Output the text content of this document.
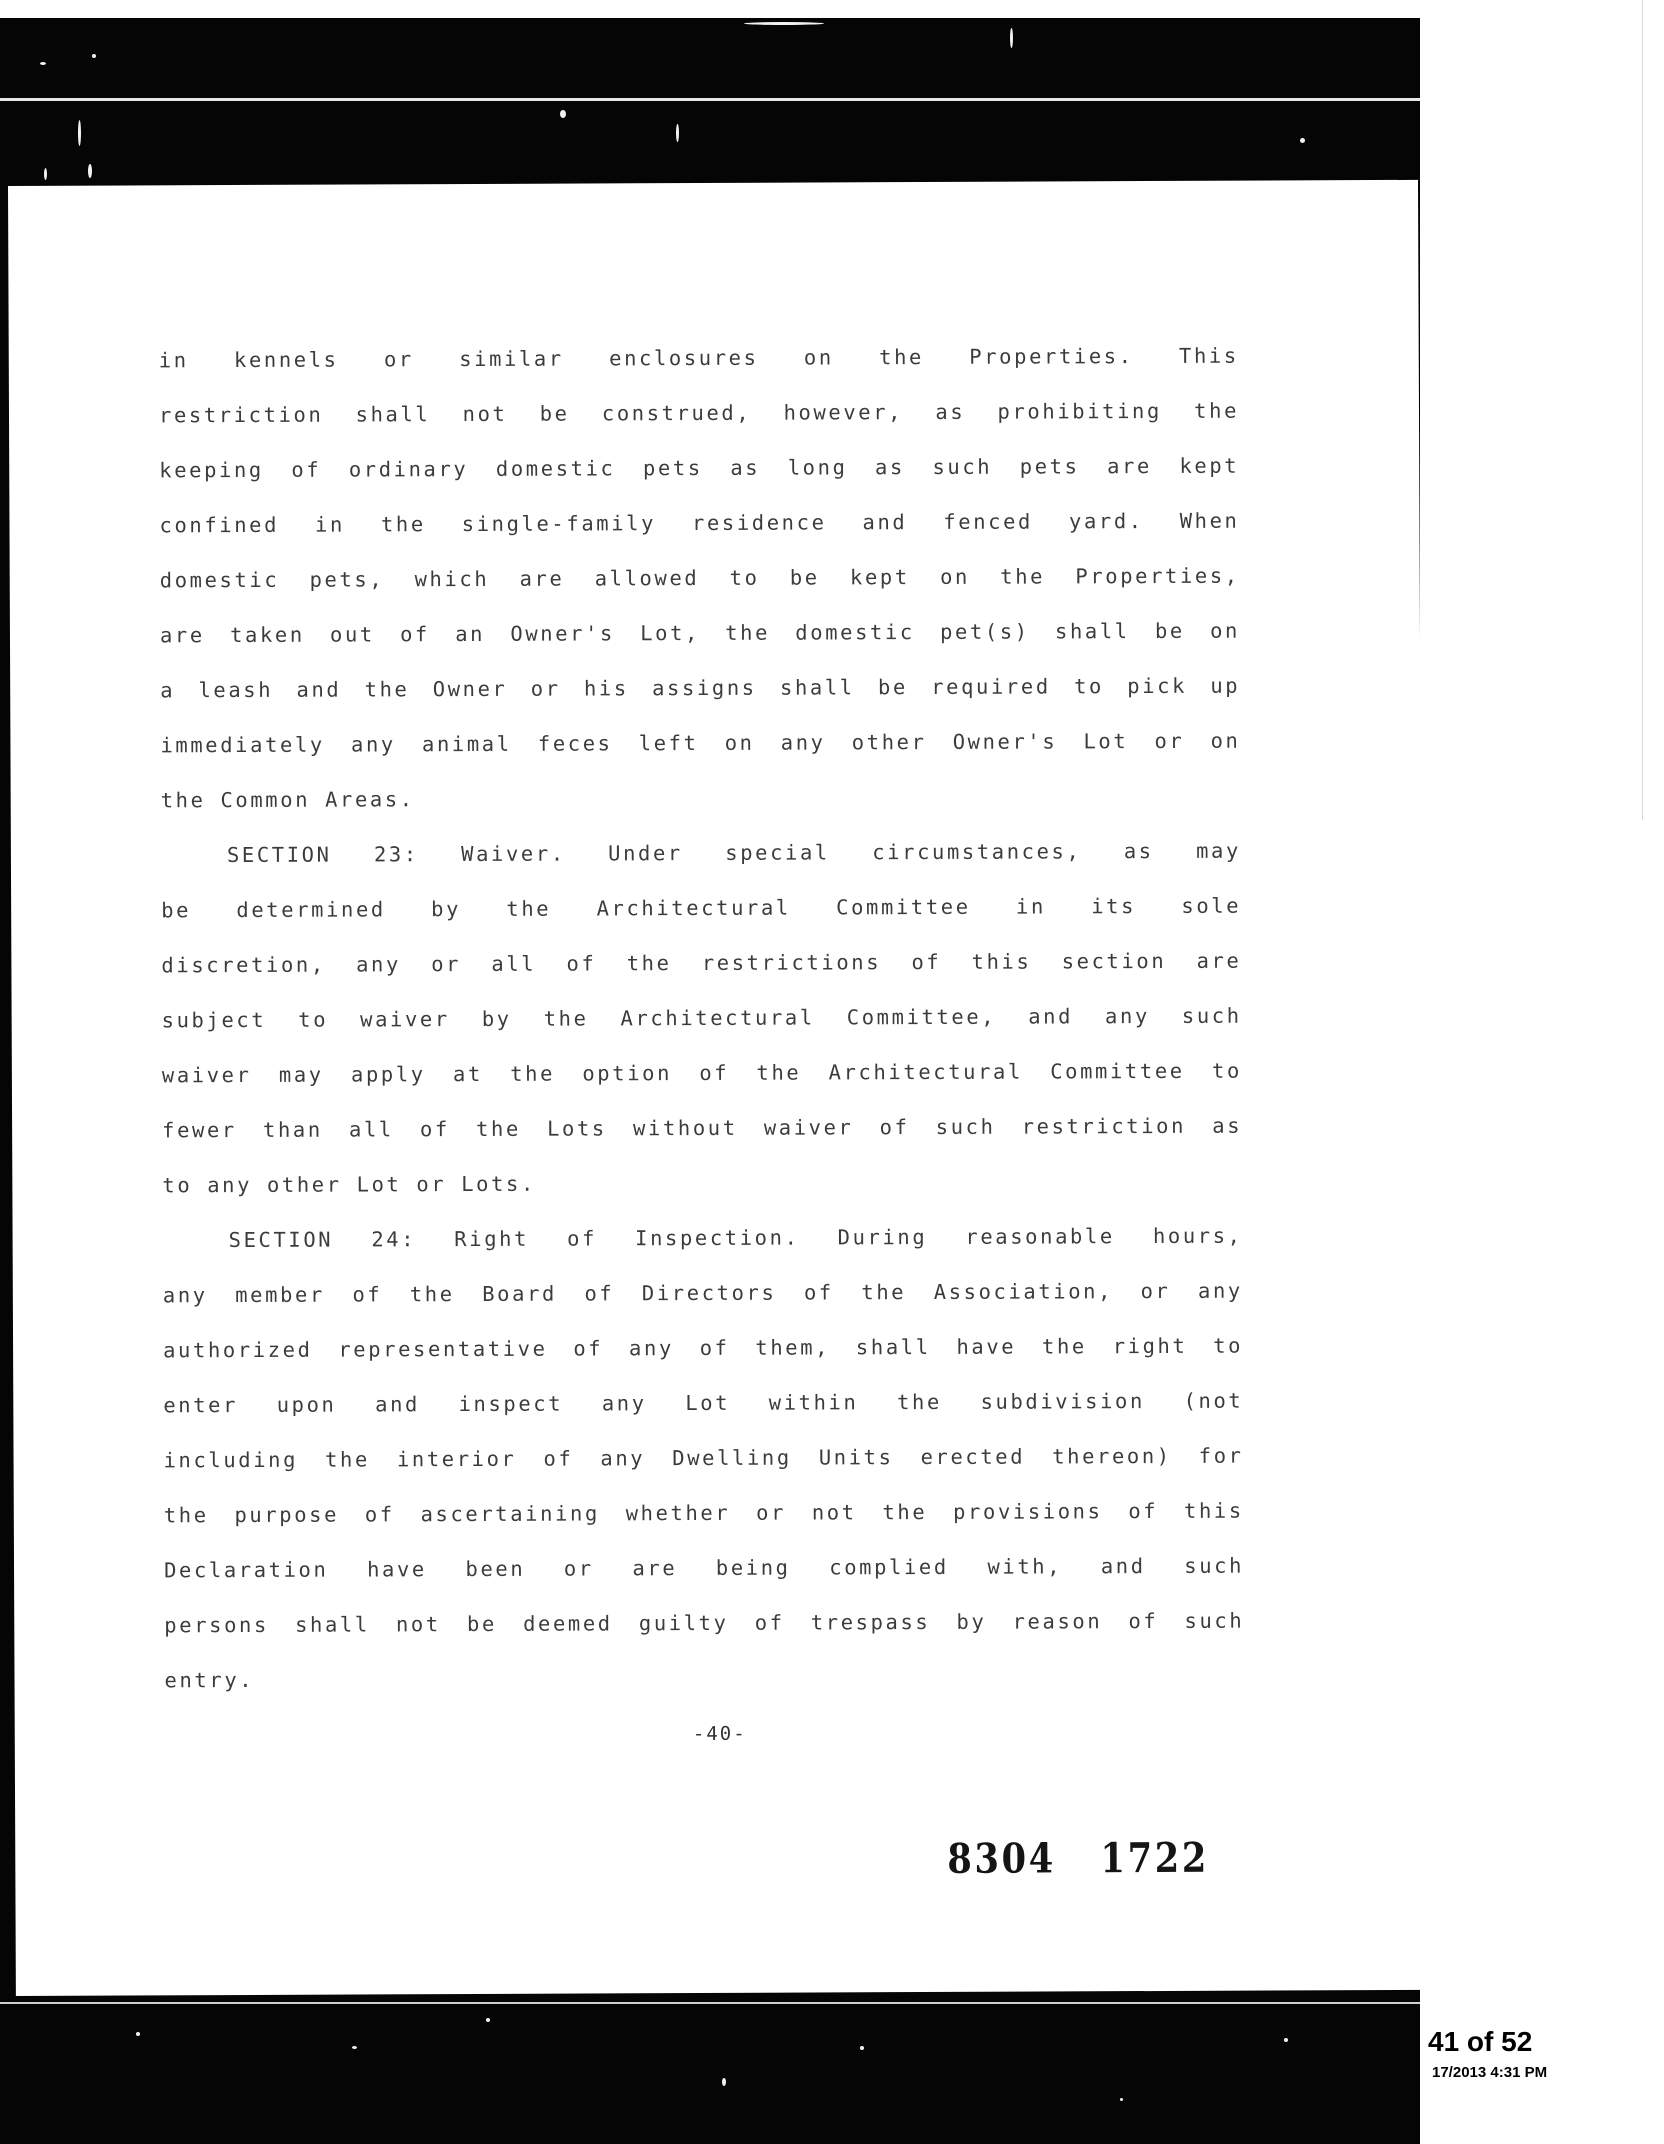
in kennels or similar enclosures on the Properties. This
restriction shall not be construed, however, as prohibiting the
keeping of ordinary domestic pets as long as such pets are kept
confined in the single-family residence and fenced yard. When
domestic pets, which are allowed to be kept on the Properties,
are taken out of an Owner's Lot, the domestic pet(s) shall be on
a leash and the Owner or his assigns shall be required to pick up
immediately any animal feces left on any other Owner's Lot or on
the Common Areas.
SECTION 23: Waiver. Under special circumstances, as may
be determined by the Architectural Committee in its sole
discretion, any or all of the restrictions of this section are
subject to waiver by the Architectural Committee, and any such
waiver may apply at the option of the Architectural Committee to
fewer than all of the Lots without waiver of such restriction as
to any other Lot or Lots.
SECTION 24: Right of Inspection. During reasonable hours,
any member of the Board of Directors of the Association, or any
authorized representative of any of them, shall have the right to
enter upon and inspect any Lot within the subdivision (not
including the interior of any Dwelling Units erected thereon) for
the purpose of ascertaining whether or not the provisions of this
Declaration have been or are being complied with, and such
persons shall not be deemed guilty of trespass by reason of such
entry.
-40-
8304 1722
41 of 52
17/2013 4:31 PM
